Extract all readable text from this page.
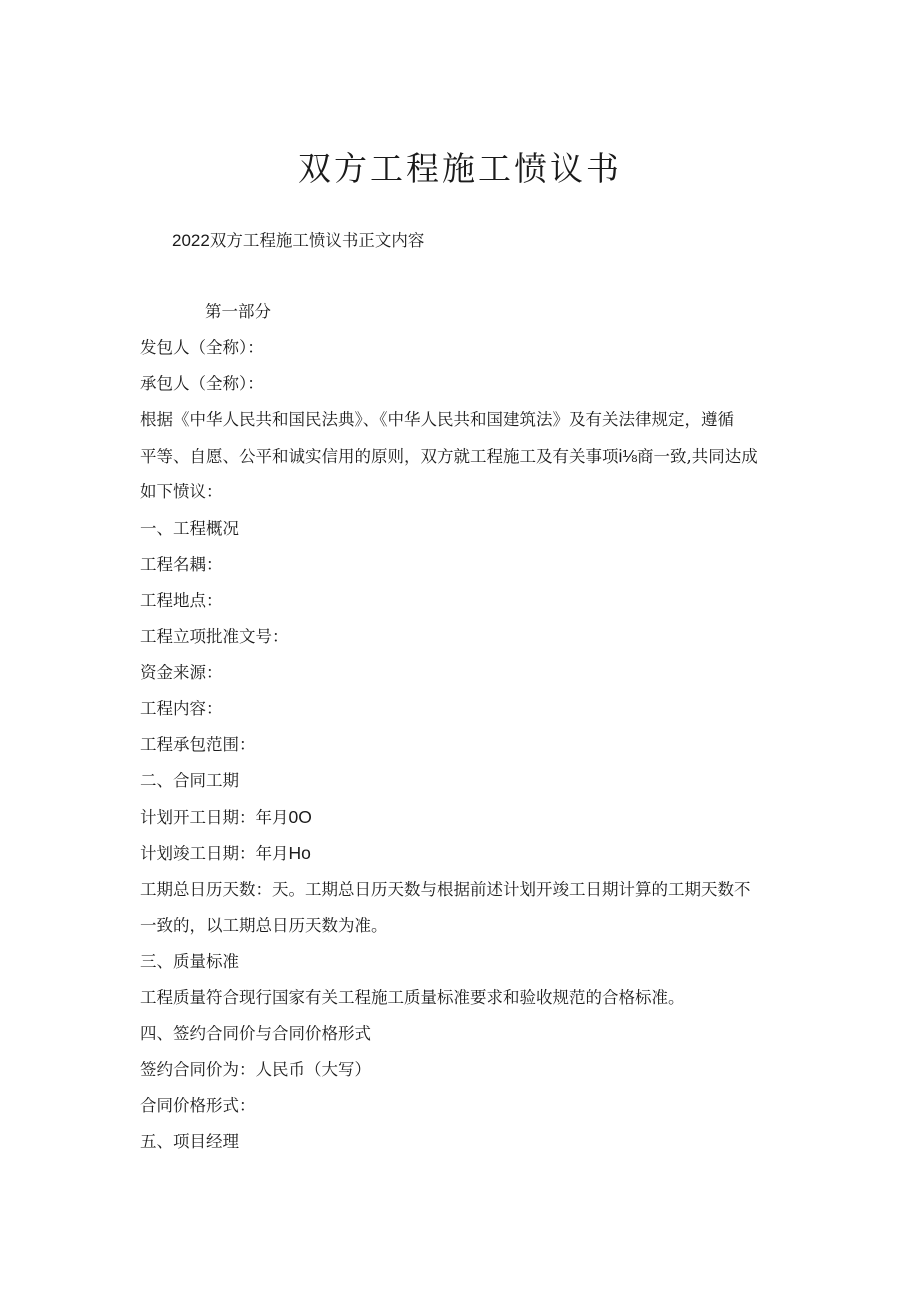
双方工程施工愤议书
2022双方工程施工愤议书正文内容
第一部分
发包人（全称）：
承包人（全称）：
根据《中华人民共和国民法典》、《中华人民共和国建筑法》及有关法律规定，遵循
平等、自愿、公平和诚实信用的原则，双方就工程施工及有关事项i⅛商一致,共同达成
如下愤议：
一、工程概况
工程名耦：
工程地点：
工程立项批准文号：
资金来源：
工程内容：
工程承包范围：
二、合同工期
计划开工日期：年月0O
计划竣工日期：年月Ho
工期总日历天数：天。工期总日历天数与根据前述计划开竣工日期计算的工期天数不
一致的，以工期总日历天数为准。
三、质量标准
工程质量符合现行国家有关工程施工质量标准要求和验收规范的合格标准。
四、签约合同价与合同价格形式
签约合同价为：人民币（大写）
合同价格形式：
五、项目经理
